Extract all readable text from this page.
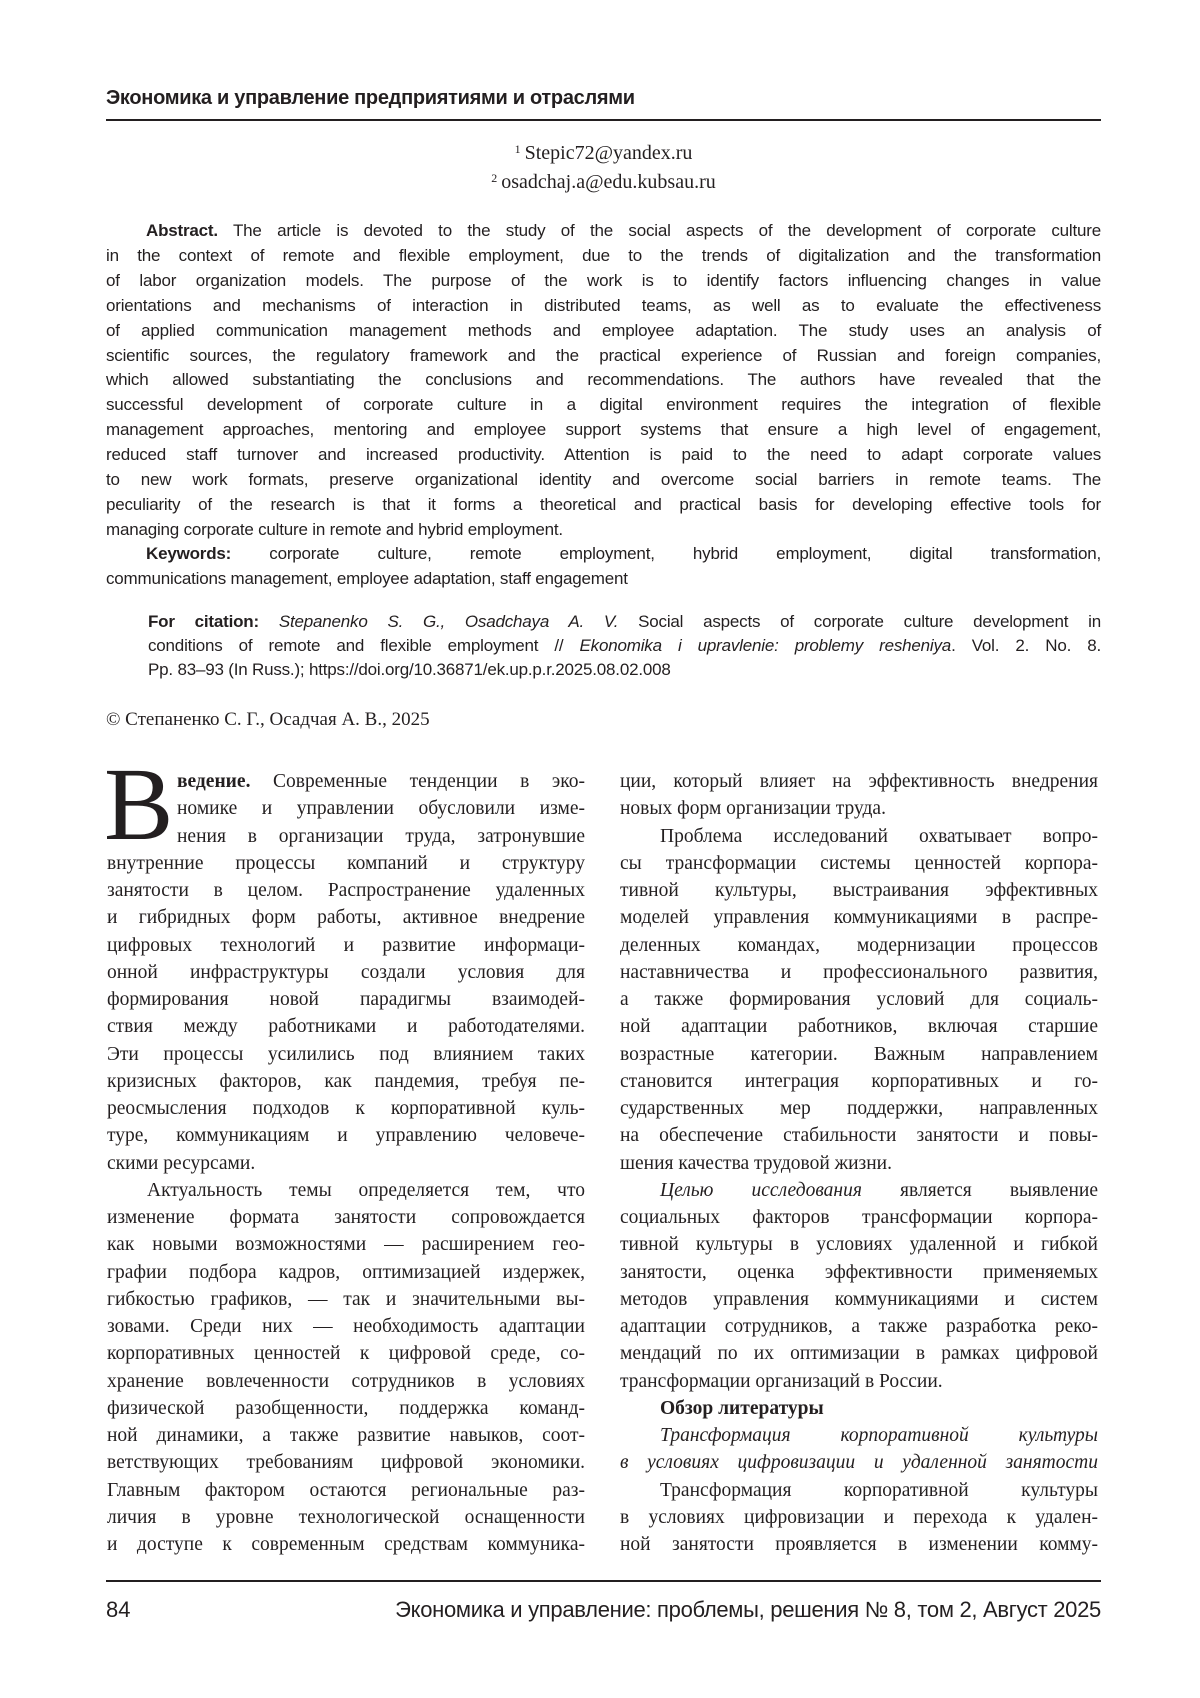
Экономика и управление предприятиями и отраслями
1 Stepic72@yandex.ru
2 osadchaj.a@edu.kubsau.ru
Abstract. The article is devoted to the study of the social aspects of the development of corporate culture
in the context of remote and flexible employment, due to the trends of digitalization and the transformation
of labor organization models. The purpose of the work is to identify factors influencing changes in value
orientations and mechanisms of interaction in distributed teams, as well as to evaluate the effectiveness
of applied communication management methods and employee adaptation. The study uses an analysis of
scientific sources, the regulatory framework and the practical experience of Russian and foreign companies,
which allowed substantiating the conclusions and recommendations. The authors have revealed that the
successful development of corporate culture in a digital environment requires the integration of flexible
management approaches, mentoring and employee support systems that ensure a high level of engagement,
reduced staff turnover and increased productivity. Attention is paid to the need to adapt corporate values
to new work formats, preserve organizational identity and overcome social barriers in remote teams. The
peculiarity of the research is that it forms a theoretical and practical basis for developing effective tools for
managing corporate culture in remote and hybrid employment.
Keywords: corporate culture, remote employment, hybrid employment, digital transformation,
communications management, employee adaptation, staff engagement
For citation: Stepanenko S. G., Osadchaya A. V. Social aspects of corporate culture development in
conditions of remote and flexible employment // Ekonomika i upravlenie: problemy resheniya. Vol. 2. No. 8.
Pp. 83–93 (In Russ.); https://doi.org/10.36871/ek.up.p.r.2025.08.02.008
© Степаненко С. Г., Осадчая А. В., 2025
В ведение. Современные тенденции в эко-
номике и управлении обусловили изме-
нения в организации труда, затронувшие
внутренние процессы компаний и структуру
занятости в целом. Распространение удаленных
и гибридных форм работы, активное внедрение
цифровых технологий и развитие информаци-
онной инфраструктуры создали условия для
формирования новой парадигмы взаимодей-
ствия между работниками и работодателями.
Эти процессы усилились под влиянием таких
кризисных факторов, как пандемия, требуя пе-
реосмысления подходов к корпоративной куль-
туре, коммуникациям и управлению человече-
скими ресурсами.
Актуальность темы определяется тем, что
изменение формата занятости сопровождается
как новыми возможностями — расширением гео-
графии подбора кадров, оптимизацией издержек,
гибкостью графиков, — так и значительными вы-
зовами. Среди них — необходимость адаптации
корпоративных ценностей к цифровой среде, со-
хранение вовлеченности сотрудников в условиях
физической разобщенности, поддержка команд-
ной динамики, а также развитие навыков, соот-
ветствующих требованиям цифровой экономики.
Главным фактором остаются региональные раз-
личия в уровне технологической оснащенности
и доступе к современным средствам коммуника-
ции, который влияет на эффективность внедрения
новых форм организации труда.
Проблема исследований охватывает вопро-
сы трансформации системы ценностей корпора-
тивной культуры, выстраивания эффективных
моделей управления коммуникациями в распре-
деленных командах, модернизации процессов
наставничества и профессионального развития,
а также формирования условий для социаль-
ной адаптации работников, включая старшие
возрастные категории. Важным направлением
становится интеграция корпоративных и го-
сударственных мер поддержки, направленных
на обеспечение стабильности занятости и повы-
шения качества трудовой жизни.
Целью исследования является выявление
социальных факторов трансформации корпора-
тивной культуры в условиях удаленной и гибкой
занятости, оценка эффективности применяемых
методов управления коммуникациями и систем
адаптации сотрудников, а также разработка реко-
мендаций по их оптимизации в рамках цифровой
трансформации организаций в России.
Обзор литературы
Трансформация корпоративной культуры
в условиях цифровизации и удаленной занятости
Трансформация корпоративной культуры
в условиях цифровизации и перехода к удален-
ной занятости проявляется в изменении комму-
84	Экономика и управление: проблемы, решения № 8, том 2, Август 2025
